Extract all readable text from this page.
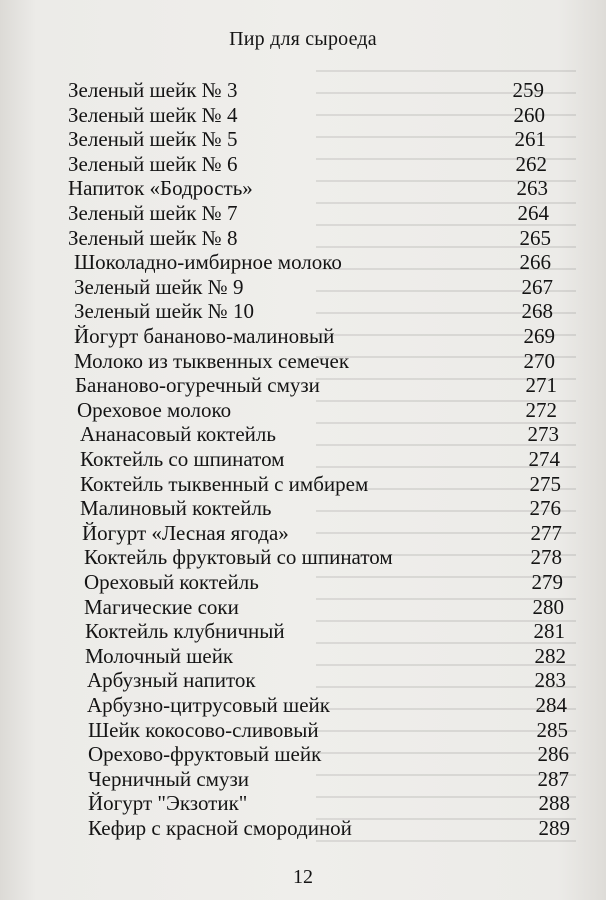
Пир для сыроеда
Зеленый шейк № 3	259
Зеленый шейк № 4	260
Зеленый шейк № 5	261
Зеленый шейк № 6	262
Напиток «Бодрость»	263
Зеленый шейк № 7	264
Зеленый шейк № 8	265
Шоколадно-имбирное молоко	266
Зеленый шейк № 9	267
Зеленый шейк № 10	268
Йогурт бананово-малиновый	269
Молоко из тыквенных семечек	270
Бананово-огуречный смузи	271
Ореховое молоко	272
Ананасовый коктейль	273
Коктейль со шпинатом	274
Коктейль тыквенный с имбирем	275
Малиновый коктейль	276
Йогурт «Лесная ягода»	277
Коктейль фруктовый со шпинатом	278
Ореховый коктейль	279
Магические соки	280
Коктейль клубничный	281
Молочный шейк	282
Арбузный напиток	283
Арбузно-цитрусовый шейк	284
Шейк кокосово-сливовый	285
Орехово-фруктовый шейк	286
Черничный смузи	287
Йогурт "Экзотик"	288
Кефир с красной смородиной	289
12
